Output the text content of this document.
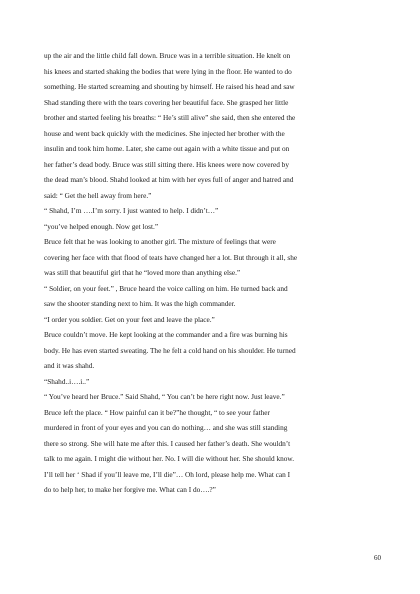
up the air and the little child fall down. Bruce was in a terrible situation. He knelt on
his knees and started shaking the bodies that were lying in the floor. He wanted to do
something. He started screaming and shouting by himself. He raised his head and saw
Shad standing there with the tears covering her beautiful face. She grasped her little
brother and started feeling his breaths: “ He’s still alive” she said, then she entered the
house and went back quickly with the medicines. She injected her brother with the
insulin and took him home. Later, she came out again with a white tissue and put on
her father’s dead body. Bruce was still sitting there. His knees were now covered by
the dead man’s blood. Shahd looked at him with her eyes full of anger and hatred and
said: “ Get the hell away from here.”
“ Shahd, I’m ….I’m sorry. I just wanted to help. I didn’t…”
“you’ve helped enough. Now get lost.”
Bruce felt that he was looking to another girl. The mixture of feelings that were
covering her face with that flood of teats have changed her a lot. But through it all, she
was still that beautiful girl that he “loved more than anything else.”
“ Soldier, on your feet.” , Bruce heard the voice calling on him. He turned back and
saw the shooter standing next to him. It was the high commander.
“I order you soldier. Get on your feet and leave the place.”
Bruce couldn’t move. He kept looking at the commander and a fire was burning his
body. He has even started sweating. The he felt a cold hand on his shoulder. He turned
and it was shahd.
“Shahd..i….i..”
“ You’ve heard her Bruce.” Said Shahd, “ You can’t be here right now. Just leave.”
Bruce left the place. “ How painful can it be?”he thought, “ to see your father
murdered in front of your eyes and you can do nothing… and she was still standing
there so strong. She will hate me after this. I caused her father’s death. She wouldn’t
talk to me again. I might die without her. No. I will die without her. She should know.
I’ll tell her ‘ Shad if you’ll leave me, I’ll die”… Oh lord, please help me. What can I
do to help her, to make her forgive me. What can I do….?”
60
